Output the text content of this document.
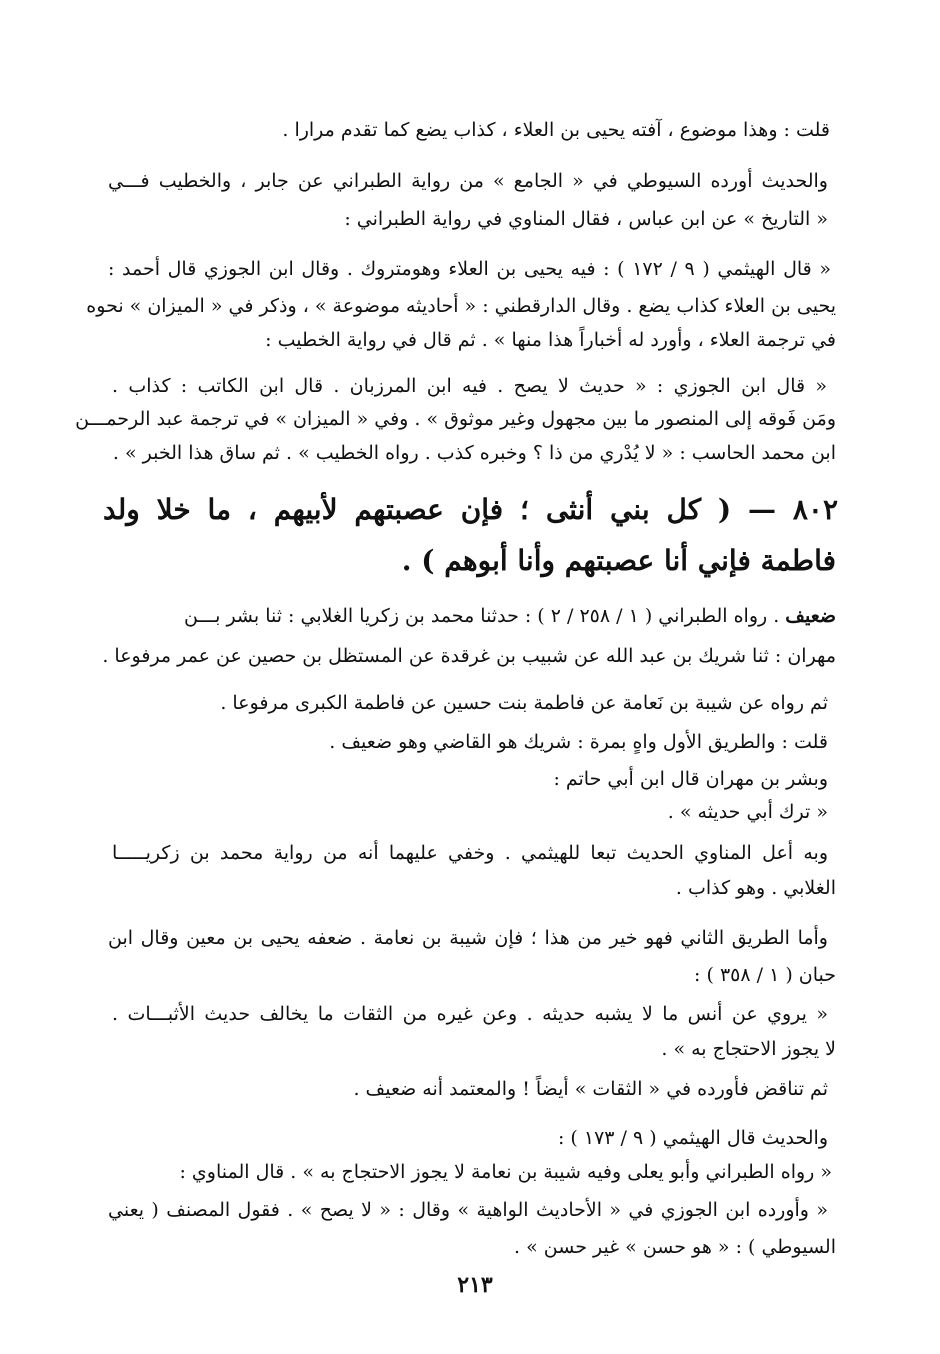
قلت : وهذا موضوع ، آفته يحيى بن العلاء ، كذاب يضع كما تقدم مرارا .
والحديث أورده السيوطي في « الجامع » من رواية الطبراني عن جابر ، والخطيب فـــي
« التاريخ » عن ابن عباس ، فقال المناوي في رواية الطبراني :
« قال الهيثمي ( ٩ / ١٧٢ ) : فيه يحيى بن العلاء وهومتروك . وقال ابن الجوزي قال أحمد :
يحيى بن العلاء كذاب يضع . وقال الدارقطني : « أحاديثه موضوعة » ، وذكر في « الميزان » نحوه
في ترجمة العلاء ، وأورد له أخباراً هذا منها » . ثم قال في رواية الخطيب :
« قال ابن الجوزي : « حديث لا يصح . فيه ابن المرزبان . قال ابن الكاتب : كذاب .
ومَن فَوقه إلى المنصور ما بين مجهول وغير موثوق » . وفي « الميزان » في ترجمة عبد الرحمـــن
ابن محمد الحاسب : « لا يُدْري من ذا ؟ وخبره كذب . رواه الخطيب » . ثم ساق هذا الخبر » .
٨٠٢ — ( كل بني أنثى ؛ فإن عصبتهم لأبيهم ، ما خلا ولد
فاطمة فإني أنا عصبتهم وأنا أبوهم ) .
ضعيف . رواه الطبراني ( ١ / ٢٥٨ / ٢ ) : حدثنا محمد بن زكريا الغلابي : ثنا بشر بـــن
مهران : ثنا شريك بن عبد الله عن شبيب بن غرقدة عن المستظل بن حصين عن عمر مرفوعا .
ثم رواه عن شيبة بن نَعامة عن فاطمة بنت حسين عن فاطمة الكبرى مرفوعا .
قلت : والطريق الأول واهٍ بمرة : شريك هو القاضي وهو ضعيف .
وبشر بن مهران قال ابن أبي حاتم :
« ترك أبي حديثه » .
وبه أعل المناوي الحديث تبعا للهيثمي . وخفي عليهما أنه من رواية محمد بن زكريـــــا
الغلابي . وهو كذاب .
وأما الطريق الثاني فهو خير من هذا ؛ فإن شيبة بن نعامة . ضعفه يحيى بن معين وقال ابن
حبان ( ١ / ٣٥٨ ) :
« يروي عن أنس ما لا يشبه حديثه . وعن غيره من الثقات ما يخالف حديث الأثبـــات .
لا يجوز الاحتجاج به » .
ثم تناقض فأورده في « الثقات » أيضاً ! والمعتمد أنه ضعيف .
والحديث قال الهيثمي ( ٩ / ١٧٣ ) :
« رواه الطبراني وأبو يعلى وفيه شيبة بن نعامة لا يجوز الاحتجاج به » . قال المناوي :
« وأورده ابن الجوزي في « الأحاديث الواهية » وقال : « لا يصح » . فقول المصنف ( يعني
السيوطي ) : « هو حسن » غير حسن » .
٢١٣
